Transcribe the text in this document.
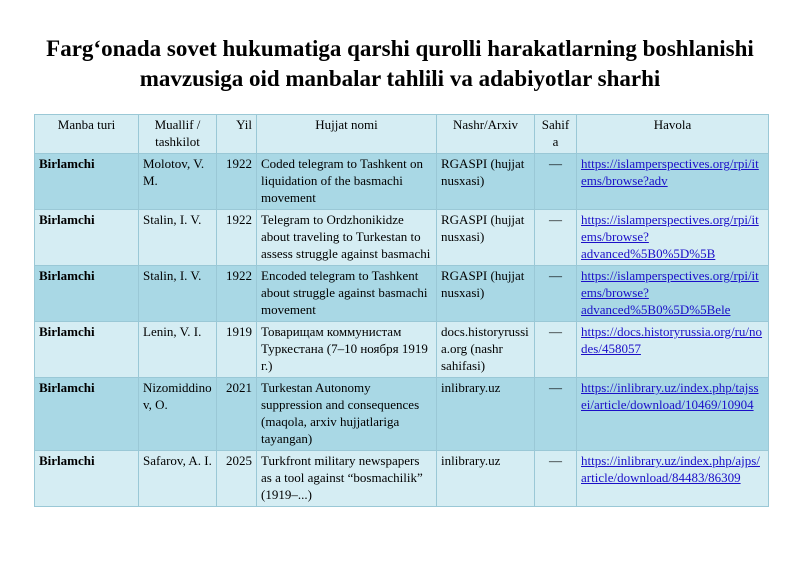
Farg‘onada sovet hukumatiga qarshi qurolli harakatlarning boshlanishi
mavzusiga oid manbalar tahlili va adabiyotlar sharhi
Manba turi	Muallif / tashkilot	Yil	Hujjat nomi	Nashr/Arxiv	Sahifa	Havola
Birlamchi	Molotov, V. M.	1922	Coded telegram to Tashkent on liquidation of the basmachi movement	RGASPI (hujjat nusxasi)	—	https://islamperspectives.org/rpi/items/browse?adv
Birlamchi	Stalin, I. V.	1922	Telegram to Ordzhonikidze about traveling to Turkestan to assess struggle against basmachi	RGASPI (hujjat nusxasi)	—	https://islamperspectives.org/rpi/items/browse?advanced%5B0%5D%5B
Birlamchi	Stalin, I. V.	1922	Encoded telegram to Tashkent about struggle against basmachi movement	RGASPI (hujjat nusxasi)	—	https://islamperspectives.org/rpi/items/browse?advanced%5B0%5D%5Bele
Birlamchi	Lenin, V. I.	1919	Товарищам коммунистам Туркестана (7–10 ноября 1919 г.)	docs.historyrussia.org (nashr sahifasi)	—	https://docs.historyrussia.org/ru/nodes/458057
Birlamchi	Nizomiddinov, O.	2021	Turkestan Autonomy suppression and consequences (maqola, arxiv hujjatlariga tayangan)	inlibrary.uz	—	https://inlibrary.uz/index.php/tajssei/article/download/10469/10904
Birlamchi	Safarov, A. I.	2025	Turkfront military newspapers as a tool against “bosmachilik” (1919–...)	inlibrary.uz	—	https://inlibrary.uz/index.php/ajps/article/download/84483/86309
